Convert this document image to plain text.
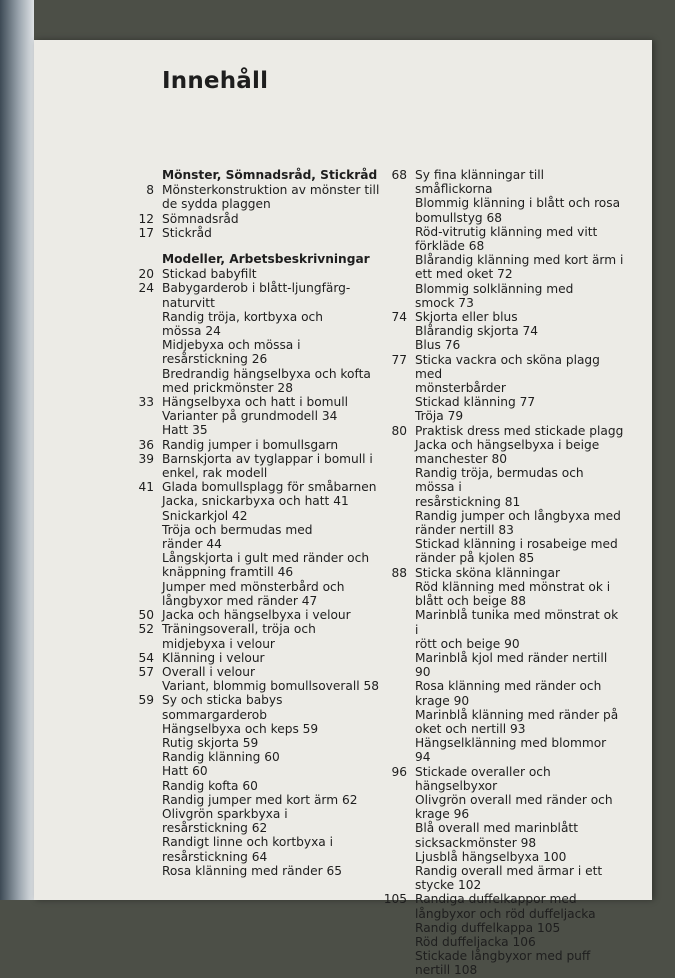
Innehåll
Mönster, Sömnadsråd, Stickråd
8 Mönsterkonstruktion av mönster till
de sydda plaggen
12 Sömnadsråd
17 Stickråd
Modeller, Arbetsbeskrivningar
20 Stickad babyfilt
24 Babygarderob i blått-ljungfärg-
naturvitt
Randig tröja, kortbyxa och
mössa 24
Midjebyxa och mössa i
resårstickning 26
Bredrandig hängselbyxa och kofta
med prickmönster 28
33 Hängselbyxa och hatt i bomull
Varianter på grundmodell 34
Hatt 35
36 Randig jumper i bomullsgarn
39 Barnskjorta av tyglappar i bomull i
enkel, rak modell
41 Glada bomullsplagg för småbarnen
Jacka, snickarbyxa och hatt 41
Snickarkjol 42
Tröja och bermudas med
ränder 44
Långskjorta i gult med ränder och
knäppning framtill 46
Jumper med mönsterbård och
långbyxor med ränder 47
50 Jacka och hängselbyxa i velour
52 Träningsoverall, tröja och
midjebyxa i velour
54 Klänning i velour
57 Overall i velour
Variant, blommig bomullsoverall 58
59 Sy och sticka babys
sommargarderob
Hängselbyxa och keps 59
Rutig skjorta 59
Randig klänning 60
Hatt 60
Randig kofta 60
Randig jumper med kort ärm 62
Olivgrön sparkbyxa i
resårstickning 62
Randigt linne och kortbyxa i
resårstickning 64
Rosa klänning med ränder 65
68 Sy fina klänningar till småflickorna
Blommig klänning i blått och rosa
bomullstyg 68
Röd-vitrutig klänning med vitt
förkläde 68
Blårandig klänning med kort ärm i
ett med oket 72
Blommig solklänning med
smock 73
74 Skjorta eller blus
Blårandig skjorta 74
Blus 76
77 Sticka vackra och sköna plagg med
mönsterbårder
Stickad klänning 77
Tröja 79
80 Praktisk dress med stickade plagg
Jacka och hängselbyxa i beige
manchester 80
Randig tröja, bermudas och mössa i
resårstickning 81
Randig jumper och långbyxa med
ränder nertill 83
Stickad klänning i rosabeige med
ränder på kjolen 85
88 Sticka sköna klänningar
Röd klänning med mönstrat ok i
blått och beige 88
Marinblå tunika med mönstrat ok i
rött och beige 90
Marinblå kjol med ränder nertill 90
Rosa klänning med ränder och
krage 90
Marinblå klänning med ränder på
oket och nertill 93
Hängselklänning med blommor 94
96 Stickade overaller och hängselbyxor
Olivgrön overall med ränder och
krage 96
Blå overall med marinblått
sicksackmönster 98
Ljusblå hängselbyxa 100
Randig overall med ärmar i ett
stycke 102
105 Randiga duffelkappor med
långbyxor och röd duffeljacka
Randig duffelkappa 105
Röd duffeljacka 106
Stickade långbyxor med puff
nertill 108
